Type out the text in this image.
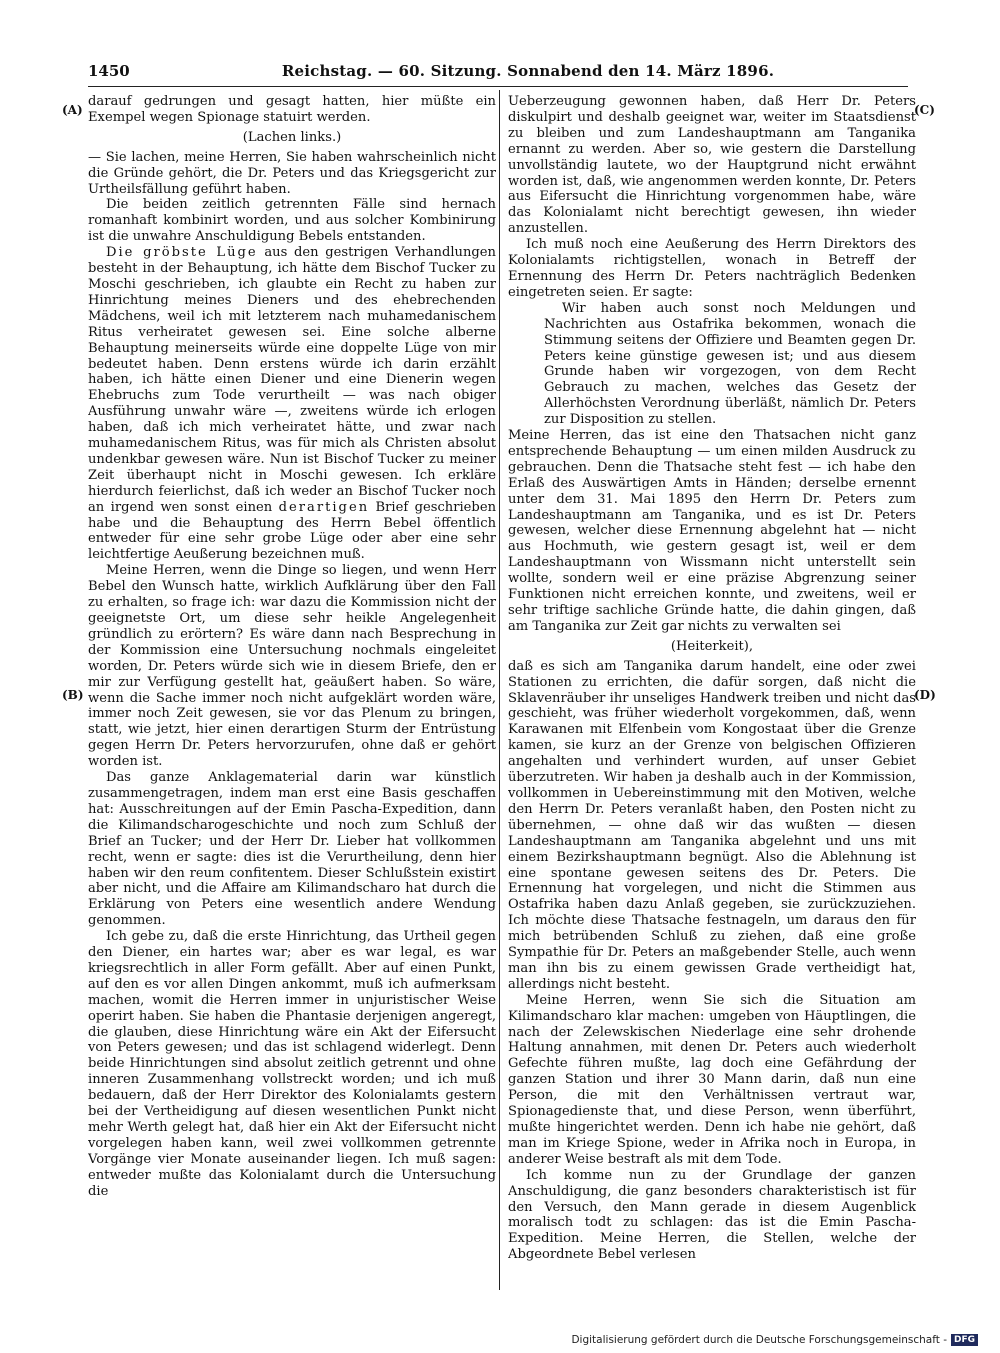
1450	Reichstag. — 60. Sitzung. Sonnabend den 14. März 1896.
(A)
(B)
(C)
(D)

darauf gedrungen und gesagt hatten, hier müßte ein Exempel wegen Spionage statuirt werden.

(Lachen links.)

— Sie lachen, meine Herren, Sie haben wahrscheinlich nicht die Gründe gehört, die Dr. Peters und das Kriegsgericht zur Urtheilsfällung geführt haben.

Die beiden zeitlich getrennten Fälle sind hernach romanhaft kombinirt worden, und aus solcher Kombinirung ist die unwahre Anschuldigung Bebels entstanden.

Die gröbste Lüge aus den gestrigen Verhandlungen besteht in der Behauptung, ich hätte dem Bischof Tucker zu Moschi geschrieben, ich glaubte ein Recht zu haben zur Hinrichtung meines Dieners und des ehebrechenden Mädchens, weil ich mit letzterem nach muhamedanischem Ritus verheiratet gewesen sei. Eine solche alberne Behauptung meinerseits würde eine doppelte Lüge von mir bedeutet haben. Denn erstens würde ich darin erzählt haben, ich hätte einen Diener und eine Dienerin wegen Ehebruchs zum Tode verurtheilt — was nach obiger Ausführung unwahr wäre —, zweitens würde ich erlogen haben, daß ich mich verheiratet hätte, und zwar nach muhamedanischem Ritus, was für mich als Christen absolut undenkbar gewesen wäre. Nun ist Bischof Tucker zu meiner Zeit überhaupt nicht in Moschi gewesen. Ich erkläre hierdurch feierlichst, daß ich weder an Bischof Tucker noch an irgend wen sonst einen derartigen Brief geschrieben habe und die Behauptung des Herrn Bebel öffentlich entweder für eine sehr grobe Lüge oder aber eine sehr leichtfertige Aeußerung bezeichnen muß.

Meine Herren, wenn die Dinge so liegen, und wenn Herr Bebel den Wunsch hatte, wirklich Aufklärung über den Fall zu erhalten, so frage ich: war dazu die Kommission nicht der geeignetste Ort, um diese sehr heikle Angelegenheit gründlich zu erörtern? Es wäre dann nach Besprechung in der Kommission eine Untersuchung nochmals eingeleitet worden, Dr. Peters würde sich wie in diesem Briefe, den er mir zur Verfügung gestellt hat, geäußert haben. So wäre, wenn die Sache immer noch nicht aufgeklärt worden wäre, immer noch Zeit gewesen, sie vor das Plenum zu bringen, statt, wie jetzt, hier einen derartigen Sturm der Entrüstung gegen Herrn Dr. Peters hervorzurufen, ohne daß er gehört worden ist.

Das ganze Anklagematerial darin war künstlich zusammengetragen, indem man erst eine Basis geschaffen hat: Ausschreitungen auf der Emin Pascha-Expedition, dann die Kilimandscharogeschichte und noch zum Schluß der Brief an Tucker; und der Herr Dr. Lieber hat vollkommen recht, wenn er sagte: dies ist die Verurtheilung, denn hier haben wir den reum confitentem. Dieser Schlußstein existirt aber nicht, und die Affaire am Kilimandscharo hat durch die Erklärung von Peters eine wesentlich andere Wendung genommen.

Ich gebe zu, daß die erste Hinrichtung, das Urtheil gegen den Diener, ein hartes war; aber es war legal, es war kriegsrechtlich in aller Form gefällt. Aber auf einen Punkt, auf den es vor allen Dingen ankommt, muß ich aufmerksam machen, womit die Herren immer in unjuristischer Weise operirt haben. Sie haben die Phantasie derjenigen angeregt, die glauben, diese Hinrichtung wäre ein Akt der Eifersucht von Peters gewesen; und das ist schlagend widerlegt. Denn beide Hinrichtungen sind absolut zeitlich getrennt und ohne inneren Zusammenhang vollstreckt worden; und ich muß bedauern, daß der Herr Direktor des Kolonialamts gestern bei der Vertheidigung auf diesen wesentlichen Punkt nicht mehr Werth gelegt hat, daß hier ein Akt der Eifersucht nicht vorgelegen haben kann, weil zwei vollkommen getrennte Vorgänge vier Monate auseinander liegen. Ich muß sagen: entweder mußte das Kolonialamt durch die Untersuchung die

Ueberzeugung gewonnen haben, daß Herr Dr. Peters diskulpirt und deshalb geeignet war, weiter im Staatsdienst zu bleiben und zum Landeshauptmann am Tanganika ernannt zu werden. Aber so, wie gestern die Darstellung unvollständig lautete, wo der Hauptgrund nicht erwähnt worden ist, daß, wie angenommen werden konnte, Dr. Peters aus Eifersucht die Hinrichtung vorgenommen habe, wäre das Kolonialamt nicht berechtigt gewesen, ihn wieder anzustellen.

Ich muß noch eine Aeußerung des Herrn Direktors des Kolonialamts richtigstellen, wonach in Betreff der Ernennung des Herrn Dr. Peters nachträglich Bedenken eingetreten seien. Er sagte:

Wir haben auch sonst noch Meldungen und Nachrichten aus Ostafrika bekommen, wonach die Stimmung seitens der Offiziere und Beamten gegen Dr. Peters keine günstige gewesen ist; und aus diesem Grunde haben wir vorgezogen, von dem Recht Gebrauch zu machen, welches das Gesetz der Allerhöchsten Verordnung überläßt, nämlich Dr. Peters zur Disposition zu stellen.

Meine Herren, das ist eine den Thatsachen nicht ganz entsprechende Behauptung — um einen milden Ausdruck zu gebrauchen. Denn die Thatsache steht fest — ich habe den Erlaß des Auswärtigen Amts in Händen; derselbe ernennt unter dem 31. Mai 1895 den Herrn Dr. Peters zum Landeshauptmann am Tanganika, und es ist Dr. Peters gewesen, welcher diese Ernennung abgelehnt hat — nicht aus Hochmuth, wie gestern gesagt ist, weil er dem Landeshauptmann von Wissmann nicht unterstellt sein wollte, sondern weil er eine präzise Abgrenzung seiner Funktionen nicht erreichen konnte, und zweitens, weil er sehr triftige sachliche Gründe hatte, die dahin gingen, daß am Tanganika zur Zeit gar nichts zu verwalten sei

(Heiterkeit),

daß es sich am Tanganika darum handelt, eine oder zwei Stationen zu errichten, die dafür sorgen, daß nicht die Sklavenräuber ihr unseliges Handwerk treiben und nicht das geschieht, was früher wiederholt vorgekommen, daß, wenn Karawanen mit Elfenbein vom Kongostaat über die Grenze kamen, sie kurz an der Grenze von belgischen Offizieren angehalten und verhindert wurden, auf unser Gebiet überzutreten. Wir haben ja deshalb auch in der Kommission, vollkommen in Uebereinstimmung mit den Motiven, welche den Herrn Dr. Peters veranlaßt haben, den Posten nicht zu übernehmen, — ohne daß wir das wußten — diesen Landeshauptmann am Tanganika abgelehnt und uns mit einem Bezirkshauptmann begnügt. Also die Ablehnung ist eine spontane gewesen seitens des Dr. Peters. Die Ernennung hat vorgelegen, und nicht die Stimmen aus Ostafrika haben dazu Anlaß gegeben, sie zurückzuziehen. Ich möchte diese Thatsache festnageln, um daraus den für mich betrübenden Schluß zu ziehen, daß eine große Sympathie für Dr. Peters an maßgebender Stelle, auch wenn man ihn bis zu einem gewissen Grade vertheidigt hat, allerdings nicht besteht.

Meine Herren, wenn Sie sich die Situation am Kilimandscharo klar machen: umgeben von Häuptlingen, die nach der Zelewskischen Niederlage eine sehr drohende Haltung annahmen, mit denen Dr. Peters auch wiederholt Gefechte führen mußte, lag doch eine Gefährdung der ganzen Station und ihrer 30 Mann darin, daß nun eine Person, die mit den Verhältnissen vertraut war, Spionagedienste that, und diese Person, wenn überführt, mußte hingerichtet werden. Denn ich habe nie gehört, daß man im Kriege Spione, weder in Afrika noch in Europa, in anderer Weise bestraft als mit dem Tode.

Ich komme nun zu der Grundlage der ganzen Anschuldigung, die ganz besonders charakteristisch ist für den Versuch, den Mann gerade in diesem Augenblick moralisch todt zu schlagen: das ist die Emin Pascha-Expedition. Meine Herren, die Stellen, welche der Abgeordnete Bebel verlesen

Digitalisierung gefördert durch die Deutsche Forschungsgemeinschaft - DFG
